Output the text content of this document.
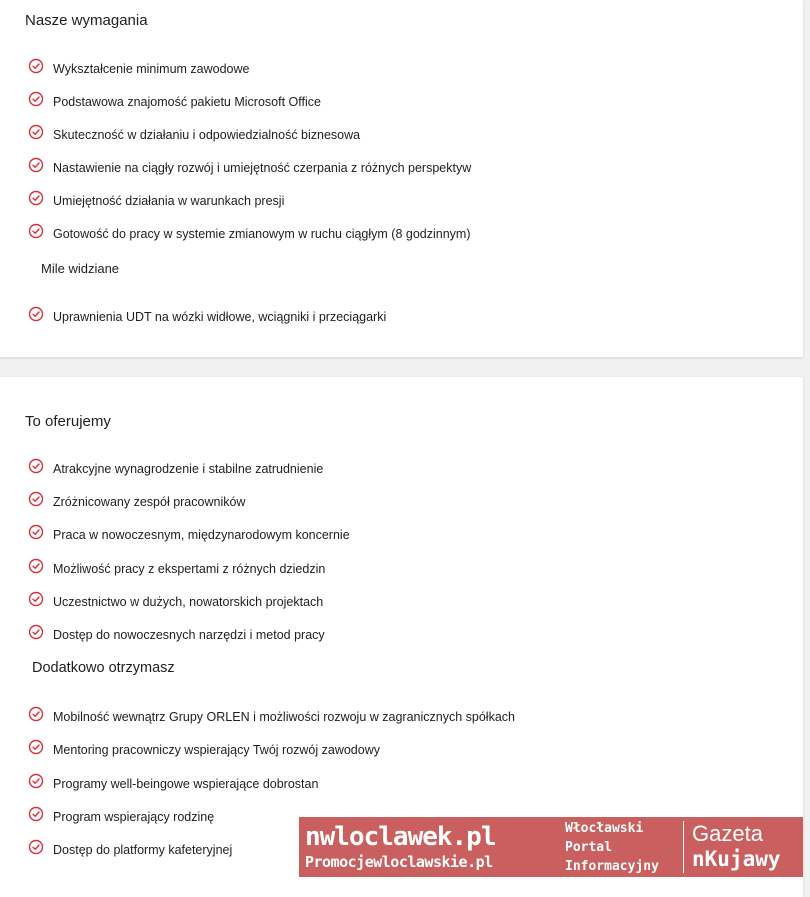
Nasze wymagania
Wykształcenie minimum zawodowe
Podstawowa znajomość pakietu Microsoft Office
Skuteczność w działaniu i odpowiedzialność biznesowa
Nastawienie na ciągły rozwój i umiejętność czerpania z różnych perspektyw
Umiejętność działania w warunkach presji
Gotowość do pracy w systemie zmianowym w ruchu ciągłym (8 godzinnym)
Mile widziane
Uprawnienia UDT na wózki widłowe, wciągniki i przeciągarki
To oferujemy
Atrakcyjne wynagrodzenie i stabilne zatrudnienie
Zróżnicowany zespół pracowników
Praca w nowoczesnym, międzynarodowym koncernie
Możliwość pracy z ekspertami z różnych dziedzin
Uczestnictwo w dużych, nowatorskich projektach
Dostęp do nowoczesnych narzędzi i metod pracy
Dodatkowo otrzymasz
Mobilność wewnątrz Grupy ORLEN i możliwości rozwoju w zagranicznych spółkach
Mentoring pracowniczy wspierający Twój rozwój zawodowy
Programy well-beingowe wspierające dobrostan
Program wspierający rodzinę
Dostęp do platformy kafeteryjnej	nwloclawek.pl
Promocjewloclawskie.pl
Włocławski
Portal
Informacyjny
Gazeta
nKujawy
